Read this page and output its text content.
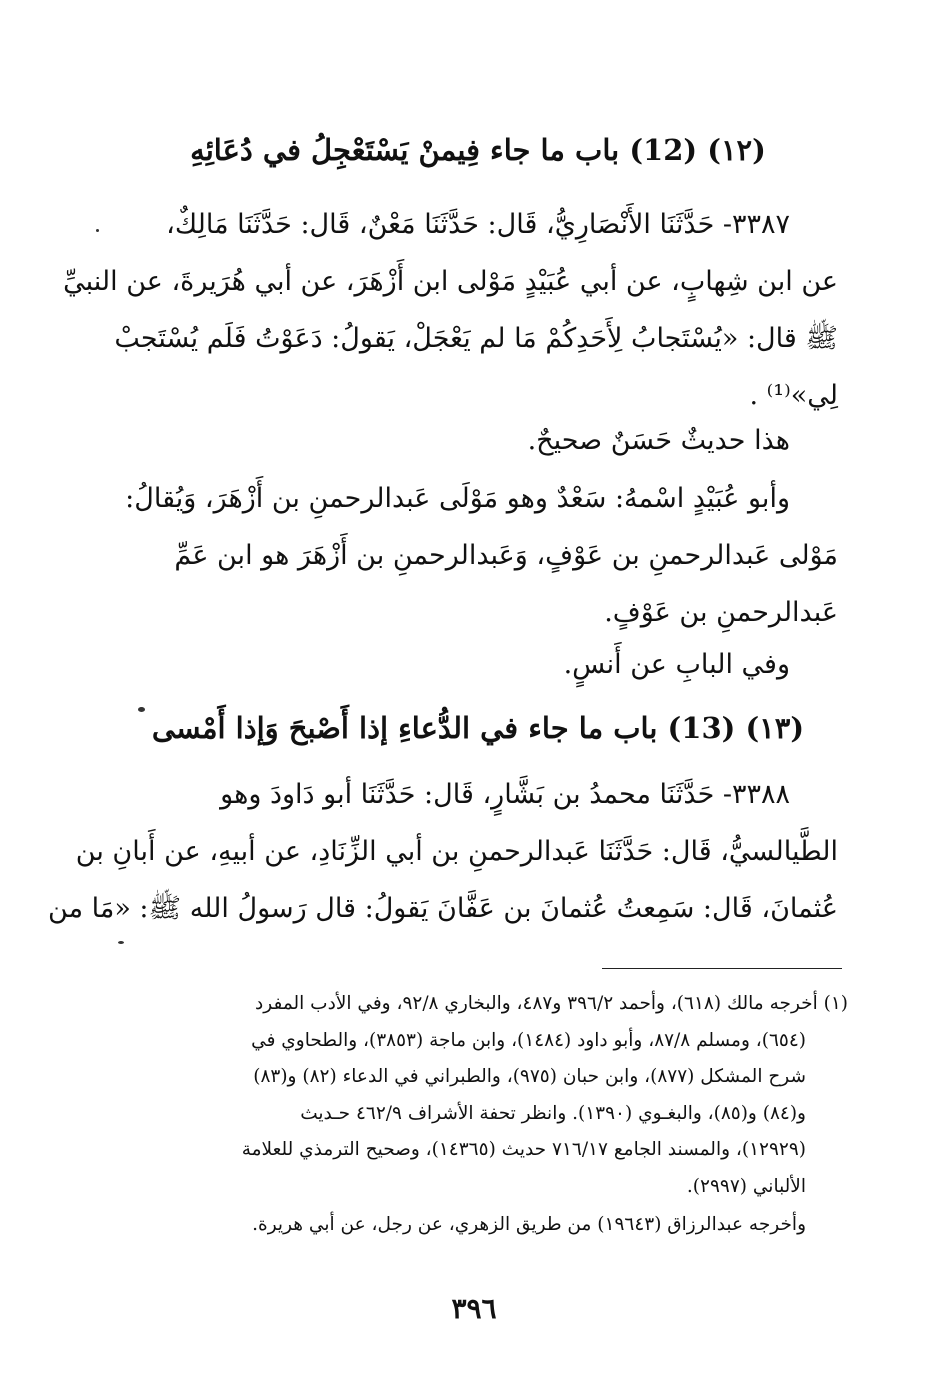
(١٢) (12) باب ما جاء فِيمنْ يَسْتَعْجِلُ في دُعَائِهِ
٣٣٨٧- حَدَّثَنَا الأَنْصَارِيُّ، قَال: حَدَّثَنَا مَعْنٌ، قَال: حَدَّثَنَا مَالِكٌ،
عن ابن شِهابٍ، عن أبي عُبَيْدٍ مَوْلى ابن أَزْهَرَ، عن أبي هُرَيرةَ، عن النبيِّ
ﷺ قال: «يُسْتَجابُ لِأَحَدِكُمْ مَا لم يَعْجَلْ، يَقولُ: دَعَوْتُ فَلَم يُسْتَجبْ
لِي»⁽¹⁾ .
هذا حديثٌ حَسَنٌ صحيحٌ.
وأبو عُبَيْدٍ اسْمهُ: سَعْدٌ وهو مَوْلَى عَبدالرحمنِ بن أَزْهَرَ، وَيُقالُ:
مَوْلى عَبدالرحمنِ بن عَوْفٍ، وَعَبدالرحمنِ بن أَزْهَرَ هو ابن عَمِّ
عَبدالرحمنِ بن عَوْفٍ.
وفي البابِ عن أَنسٍ.
(١٣) (13) باب ما جاء في الدُّعاءِ إذا أَصْبحَ وَإذا أَمْسى
٣٣٨٨- حَدَّثَنَا محمدُ بن بَشَّارٍ، قَال: حَدَّثَنَا أبو دَاودَ وهو
الطَّيالسيُّ، قَال: حَدَّثَنَا عَبدالرحمنِ بن أبي الزِّنَادِ، عن أبيهِ، عن أَبانِ بن
عُثمانَ، قَال: سَمِعتُ عُثمانَ بن عَفَّانَ يَقولُ: قال رَسولُ الله ﷺ: «مَا من
(١) أخرجه مالك (٦١٨)، وأحمد ٣٩٦/٢ و٤٨٧، والبخاري ٩٢/٨، وفي الأدب المفرد
(٦٥٤)، ومسلم ٨٧/٨، وأبو داود (١٤٨٤)، وابن ماجة (٣٨٥٣)، والطحاوي في
شرح المشكل (٨٧٧)، وابن حبان (٩٧٥)، والطبراني في الدعاء (٨٢) و(٨٣)
و(٨٤) و(٨٥)، والبغـوي (١٣٩٠). وانظر تحفة الأشراف ٤٦٢/٩ حـديث
(١٢٩٢٩)، والمسند الجامع ٧١٦/١٧ حديث (١٤٣٦٥)، وصحيح الترمذي للعلامة
الألباني (٢٩٩٧).
وأخرجه عبدالرزاق (١٩٦٤٣) من طريق الزهري، عن رجل، عن أبي هريرة.
٣٩٦
